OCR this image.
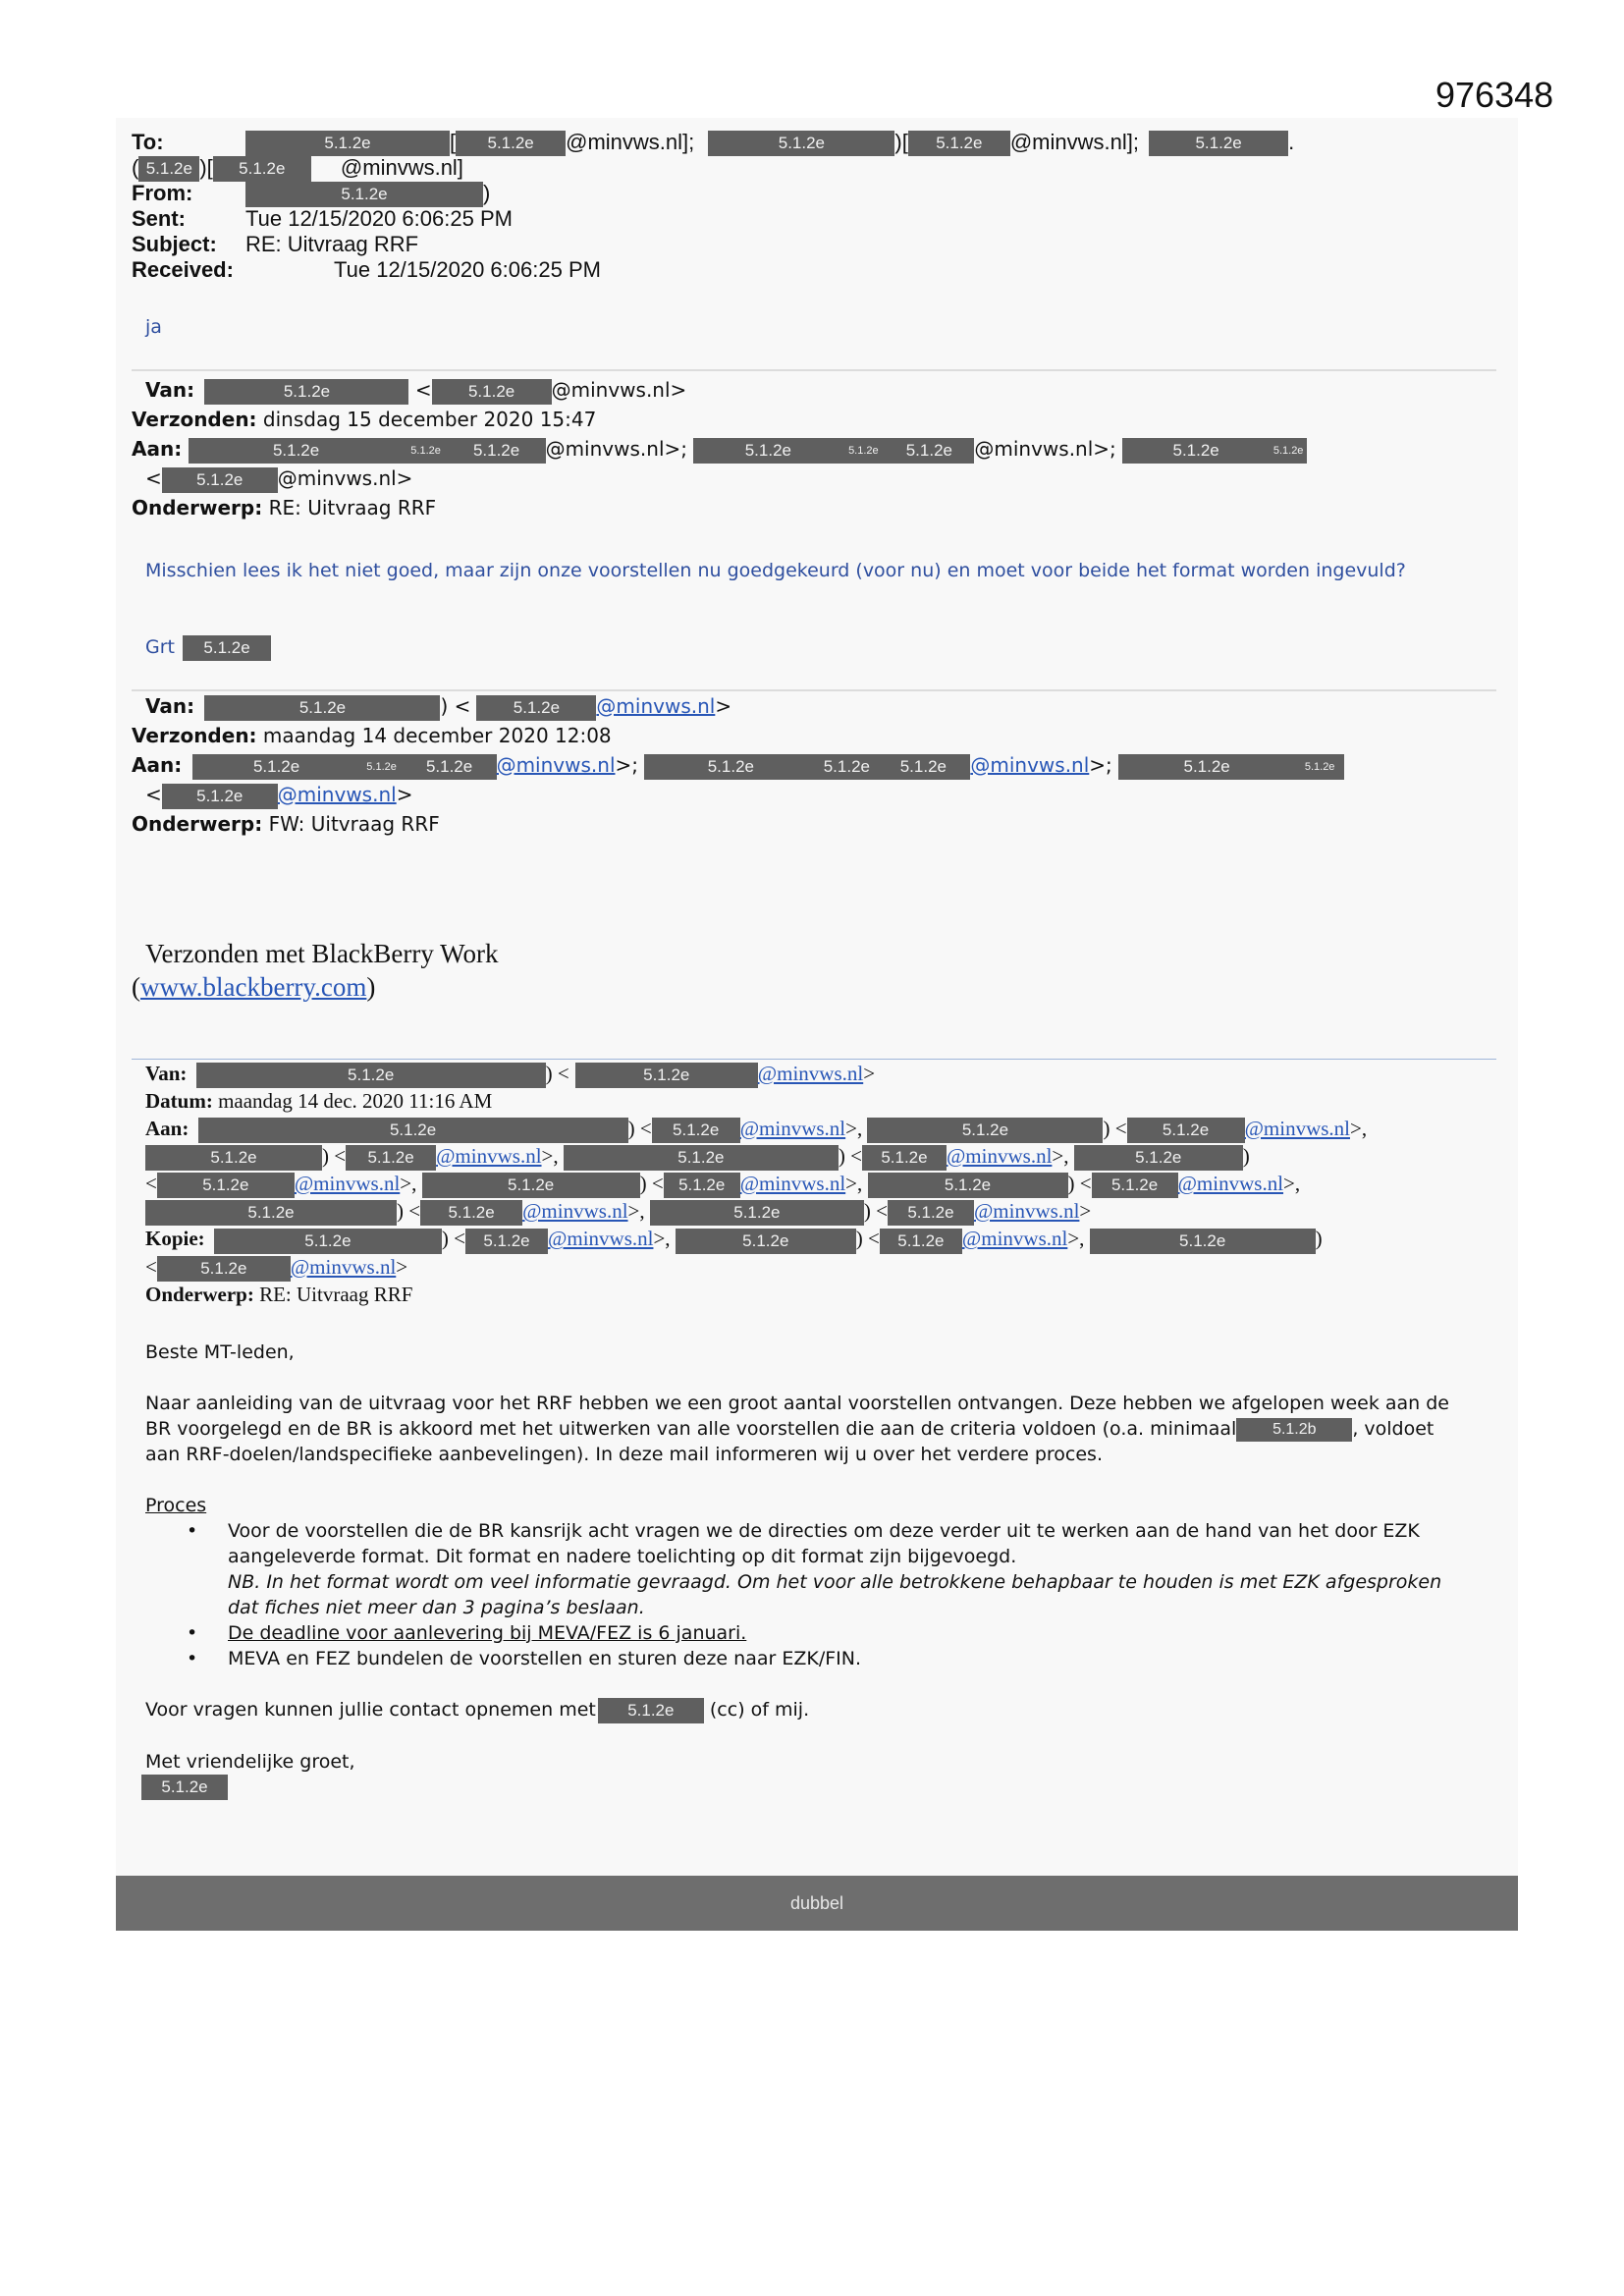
976348
To:	5.1.2e	[ 5.1.2e @minvws.nl];	5.1.2e	)[ 5.1.2e @minvws.nl];	5.1.2e .
( 5.1.2e )[ 5.1.2e	@minvws.nl]
From:	5.1.2e	)
Sent:	Tue 12/15/2020 6:06:25 PM
Subject: RE: Uitvraag RRF
Received:	Tue 12/15/2020 6:06:25 PM
ja
Van:	5.1.2e	< 5.1.2e @minvws.nl>
Verzonden: dinsdag 15 december 2020 15:47
Aan:	5.1.2e	5.1.2e 5.1.2e @minvws.nl>;	5.1.2e	5.1.2e 5.1.2e @minvws.nl>;	5.1.2e	5.1.2e
< 5.1.2e @minvws.nl>
Onderwerp: RE: Uitvraag RRF
Misschien lees ik het niet goed, maar zijn onze voorstellen nu goedgekeurd (voor nu) en moet voor beide het format worden ingevuld?
Grt 5.1.2e
Van:	5.1.2e	) <	5.1.2e @minvws.nl>
Verzonden: maandag 14 december 2020 12:08
Aan:	5.1.2e	5.1.2e 5.1.2e @minvws.nl>;	5.1.2e	5.1.2e 5.1.2e @minvws.nl>;	5.1.2e	5.1.2e
< 5.1.2e @minvws.nl>
Onderwerp: FW: Uitvraag RRF
Verzonden met BlackBerry Work
(www.blackberry.com)
Van:	5.1.2e	) <	5.1.2e	@minvws.nl>
Datum: maandag 14 dec. 2020 11:16 AM
Aan:	5.1.2e	) < 5.1.2e @minvws.nl>,	5.1.2e	) < 5.1.2e @minvws.nl>,
5.1.2e	) < 5.1.2e @minvws.nl>,	5.1.2e	) < 5.1.2e @minvws.nl>,	5.1.2e	)
<	5.1.2e @minvws.nl>,	5.1.2e	) < 5.1.2e @minvws.nl>,	5.1.2e	) < 5.1.2e @minvws.nl>,
5.1.2e	) < 5.1.2e @minvws.nl>,	5.1.2e	) < 5.1.2e @minvws.nl>
Kopie:	5.1.2e	) < 5.1.2e @minvws.nl>,	5.1.2e	) < 5.1.2e @minvws.nl>,	5.1.2e	)
<	5.1.2e @minvws.nl>
Onderwerp: RE: Uitvraag RRF
Beste MT-leden,
Naar aanleiding van de uitvraag voor het RRF hebben we een groot aantal voorstellen ontvangen. Deze hebben we afgelopen week aan de BR voorgelegd en de BR is akkoord met het uitwerken van alle voorstellen die aan de criteria voldoen (o.a. minimaal 5.1.2b , voldoet aan RRF-doelen/landspecifieke aanbevelingen). In deze mail informeren wij u over het verdere proces.
Proces
• Voor de voorstellen die de BR kansrijk acht vragen we de directies om deze verder uit te werken aan de hand van het door EZK aangeleverde format. Dit format en nadere toelichting op dit format zijn bijgevoegd.
NB. In het format wordt om veel informatie gevraagd. Om het voor alle betrokkene behapbaar te houden is met EZK afgesproken dat fiches niet meer dan 3 pagina’s beslaan.
• De deadline voor aanlevering bij MEVA/FEZ is 6 januari.
• MEVA en FEZ bundelen de voorstellen en sturen deze naar EZK/FIN.
Voor vragen kunnen jullie contact opnemen met 5.1.2e (cc) of mij.
Met vriendelijke groet,
5.1.2e
dubbel
